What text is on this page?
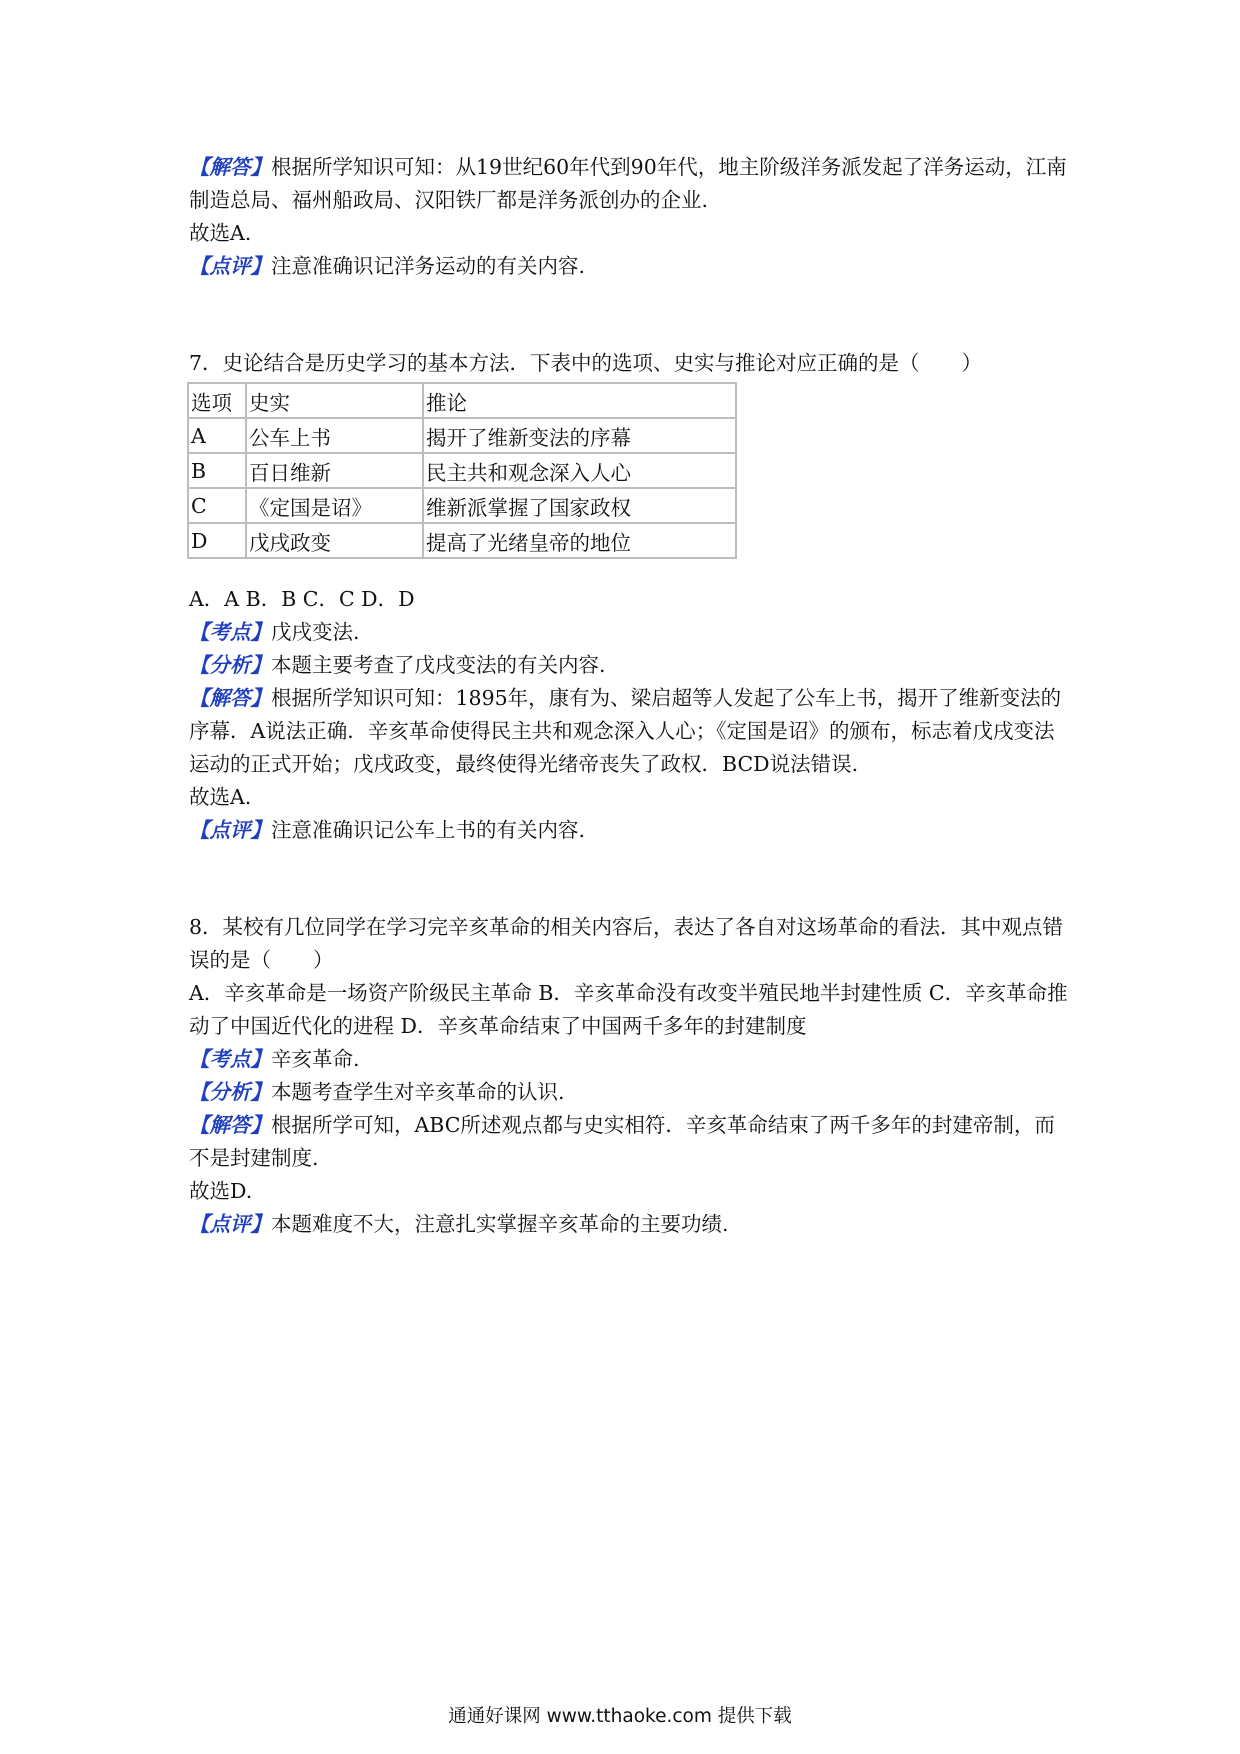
【解答】根据所学知识可知：从19世纪60年代到90年代，地主阶级洋务派发起了洋务运动，江南制造总局、福州船政局、汉阳铁厂都是洋务派创办的企业.
故选A.
【点评】注意准确识记洋务运动的有关内容.
7．史论结合是历史学习的基本方法．下表中的选项、史实与推论对应正确的是（ ）
选项	史实	推论
A	公车上书	揭开了维新变法的序幕
B	百日维新	民主共和观念深入人心
C	《定国是诏》	维新派掌握了国家政权
D	戊戌政变	提高了光绪皇帝的地位
A．A B．B C．C D．D
【考点】戊戌变法.
【分析】本题主要考查了戊戌变法的有关内容.
【解答】根据所学知识可知：1895年，康有为、梁启超等人发起了公车上书，揭开了维新变法的序幕．A说法正确．辛亥革命使得民主共和观念深入人心；《定国是诏》的颁布，标志着戊戌变法运动的正式开始；戊戌政变，最终使得光绪帝丧失了政权．BCD说法错误.
故选A.
【点评】注意准确识记公车上书的有关内容.
8．某校有几位同学在学习完辛亥革命的相关内容后，表达了各自对这场革命的看法．其中观点错误的是（ ）
A．辛亥革命是一场资产阶级民主革命 B．辛亥革命没有改变半殖民地半封建性质 C．辛亥革命推动了中国近代化的进程 D．辛亥革命结束了中国两千多年的封建制度
【考点】辛亥革命.
【分析】本题考查学生对辛亥革命的认识.
【解答】根据所学可知，ABC所述观点都与史实相符．辛亥革命结束了两千多年的封建帝制，而不是封建制度.
故选D.
【点评】本题难度不大，注意扎实掌握辛亥革命的主要功绩.
通通好课网 www.tthaoke.com 提供下载
